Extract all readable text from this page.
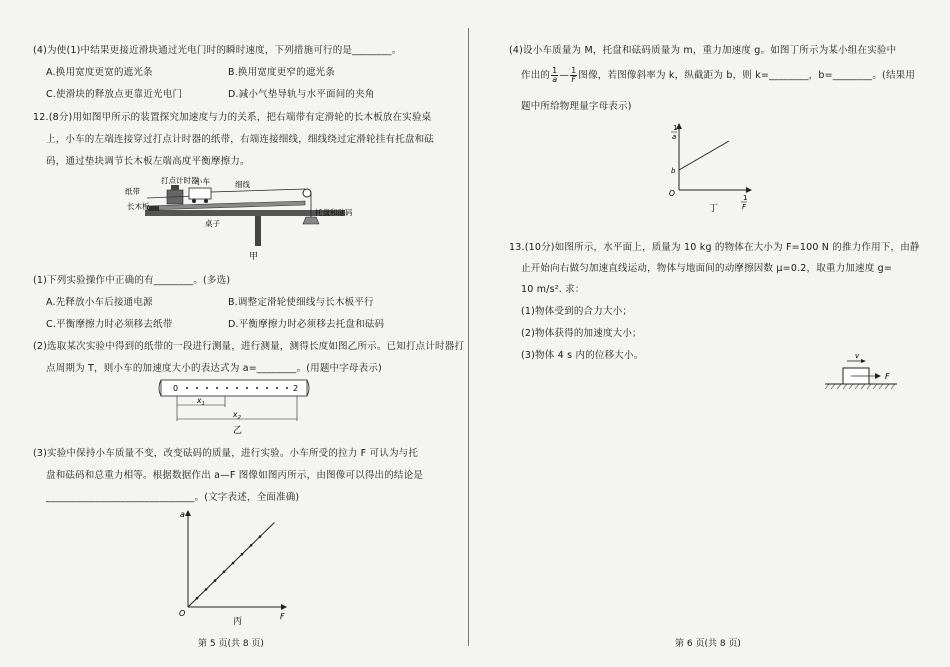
(4)为使(1)中结果更接近滑块通过光电门时的瞬时速度，下列措施可行的是________。
A.换用宽度更宽的遮光条	B.换用宽度更窄的遮光条
C.使滑块的释放点更靠近光电门	D.减小气垫导轨与水平面间的夹角
12.(8分)用如图甲所示的装置探究加速度与力的关系，把右端带有定滑轮的长木板放在实验桌
上，小车的左端连接穿过打点计时器的纸带，右端连接细线，细线绕过定滑轮挂有托盘和砝
码，通过垫块调节长木板左端高度平衡摩擦力。
打点计时器
小车
纸带
细线
长木板
桌子
托盘和砝码
甲
(1)下列实验操作中正确的有________。(多选)
A.先释放小车后接通电源	B.调整定滑轮使细线与长木板平行
C.平衡摩擦力时必须移去纸带	D.平衡摩擦力时必须移去托盘和砝码
(2)选取某次实验中得到的纸带的一段进行测量，进行测量，测得长度如图乙所示。已知打点计时器打
点周期为 T，则小车的加速度大小的表达式为 a=________。(用题中字母表示)
0	2
$x_1$
$x_2$
乙
(3)实验中保持小车质量不变，改变砝码的质量，进行实验。小车所受的拉力 F 可认为与托
盘和砝码和总重力相等。根据数据作出 a—F 图像如图丙所示，由图像可以得出的结论是
______________________________。(文字表述，全面准确)
a
F
O
丙
第 5 页(共 8 页)
(4)设小车质量为 M，托盘和砝码质量为 m，重力加速度 g。如图丁所示为某小组在实验中
作出的 $\frac{1}{a}$ — $\frac{1}{F}$ 图像，若图像斜率为 k，纵截距为 b，则 k=________，b=________。(结果用
题中所给物理量字母表示)
1
a
b
O	1
F
丁
13.(10分)如图所示，水平面上，质量为 10 kg 的物体在大小为 F=100 N 的推力作用下，由静
止开始向右做匀加速直线运动，物体与地面间的动摩擦因数 μ=0.2，取重力加速度 g=
10 m/s². 求：
(1)物体受到的合力大小；
(2)物体获得的加速度大小；
(3)物体 4 s 内的位移大小。	v
F
第 6 页(共 8 页)
